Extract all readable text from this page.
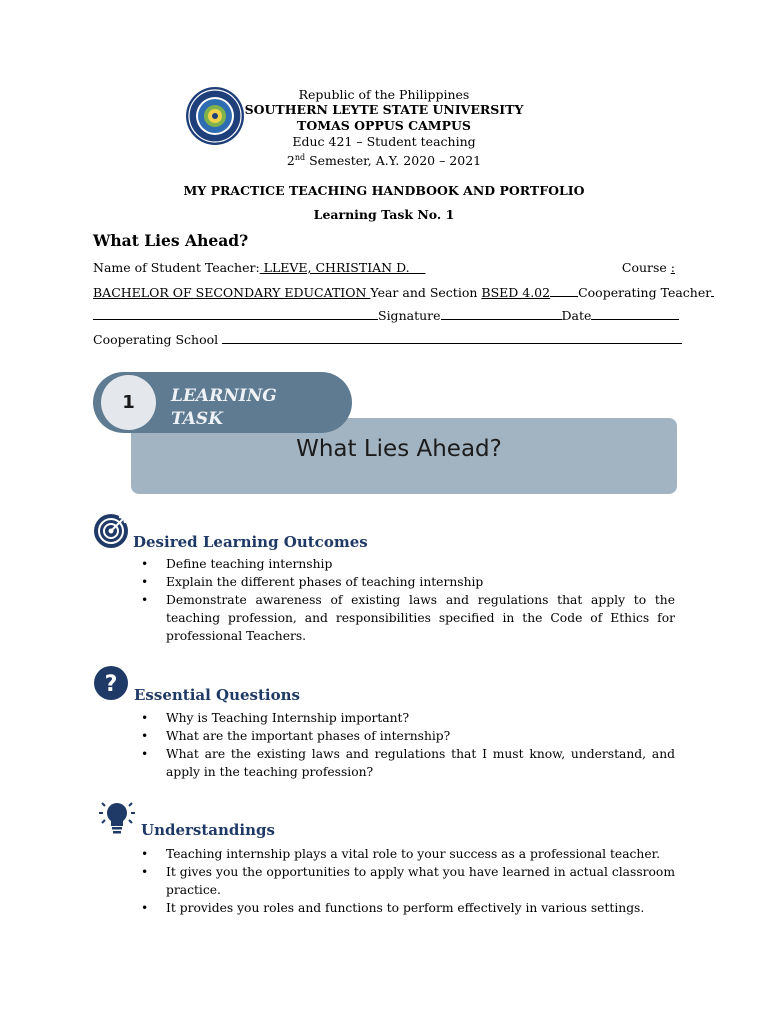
Republic of the Philippines
SOUTHERN LEYTE STATE UNIVERSITY
TOMAS OPPUS CAMPUS
Educ 421 – Student teaching
2nd Semester, A.Y. 2020 – 2021
MY PRACTICE TEACHING HANDBOOK AND PORTFOLIO
Learning Task No. 1
What Lies Ahead?
Name of Student Teacher: LLEVE, CHRISTIAN D.	Course :
BACHELOR OF SECONDARY EDUCATION Year and Section BSED 4.02 Cooperating Teacher
Signature	Date
Cooperating School
1	LEARNING
TASK
What Lies Ahead?
Desired Learning Outcomes
• Define teaching internship
• Explain the different phases of teaching internship
• Demonstrate awareness of existing laws and regulations that apply to the teaching profession, and responsibilities specified in the Code of Ethics for professional Teachers.
? Essential Questions
• Why is Teaching Internship important?
• What are the important phases of internship?
• What are the existing laws and regulations that I must know, understand, and apply in the teaching profession?
Understandings
• Teaching internship plays a vital role to your success as a professional teacher.
• It gives you the opportunities to apply what you have learned in actual classroom practice.
• It provides you roles and functions to perform effectively in various settings.
